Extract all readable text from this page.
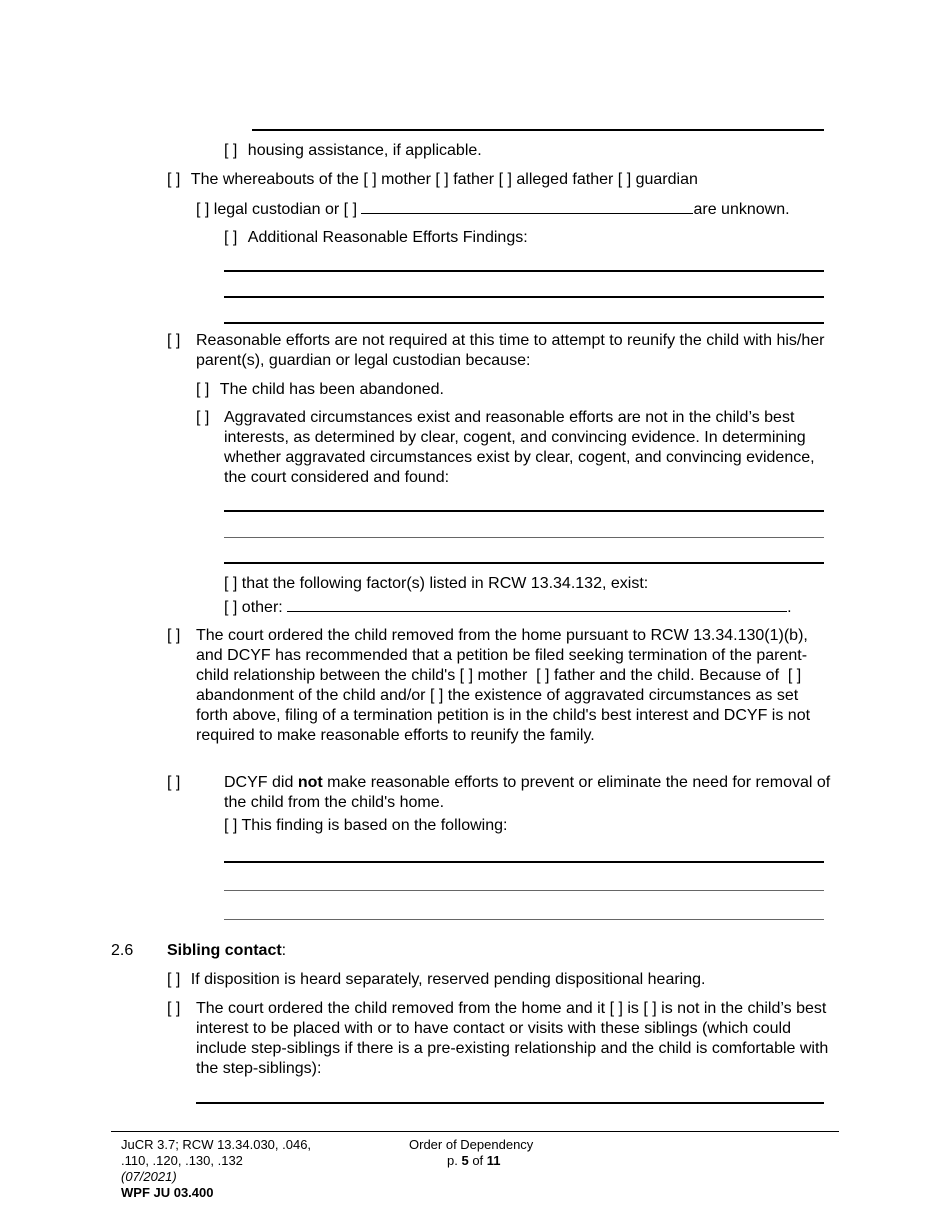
[ ] housing assistance, if applicable.
[ ] The whereabouts of the [ ] mother [ ] father [ ] alleged father [ ] guardian
[ ] legal custodian or [ ]	are unknown.
[ ] Additional Reasonable Efforts Findings:
[ ] Reasonable efforts are not required at this time to attempt to reunify the child with his/her parent(s), guardian or legal custodian because:
[ ] The child has been abandoned.
[ ] Aggravated circumstances exist and reasonable efforts are not in the child’s best interests, as determined by clear, cogent, and convincing evidence. In determining whether aggravated circumstances exist by clear, cogent, and convincing evidence, the court considered and found:
[ ] that the following factor(s) listed in RCW 13.34.132, exist:
[ ] other:	.
[ ] The court ordered the child removed from the home pursuant to RCW 13.34.130(1)(b), and DCYF has recommended that a petition be filed seeking termination of the parent-child relationship between the child's [ ] mother [ ] father and the child. Because of [ ] abandonment of the child and/or [ ] the existence of aggravated circumstances as set forth above, filing of a termination petition is in the child's best interest and DCYF is not required to make reasonable efforts to reunify the family.
[ ]	DCYF did not make reasonable efforts to prevent or eliminate the need for removal of the child from the child's home.
[ ] This finding is based on the following:
2.6 Sibling contact:
[ ] If disposition is heard separately, reserved pending dispositional hearing.
[ ] The court ordered the child removed from the home and it [ ] is [ ] is not in the child’s best interest to be placed with or to have contact or visits with these siblings (which could include step-siblings if there is a pre-existing relationship and the child is comfortable with the step-siblings):
JuCR 3.7; RCW 13.34.030, .046,
.110, .120, .130, .132
(07/2021)
WPF JU 03.400
Order of Dependency
p. 5 of 11
